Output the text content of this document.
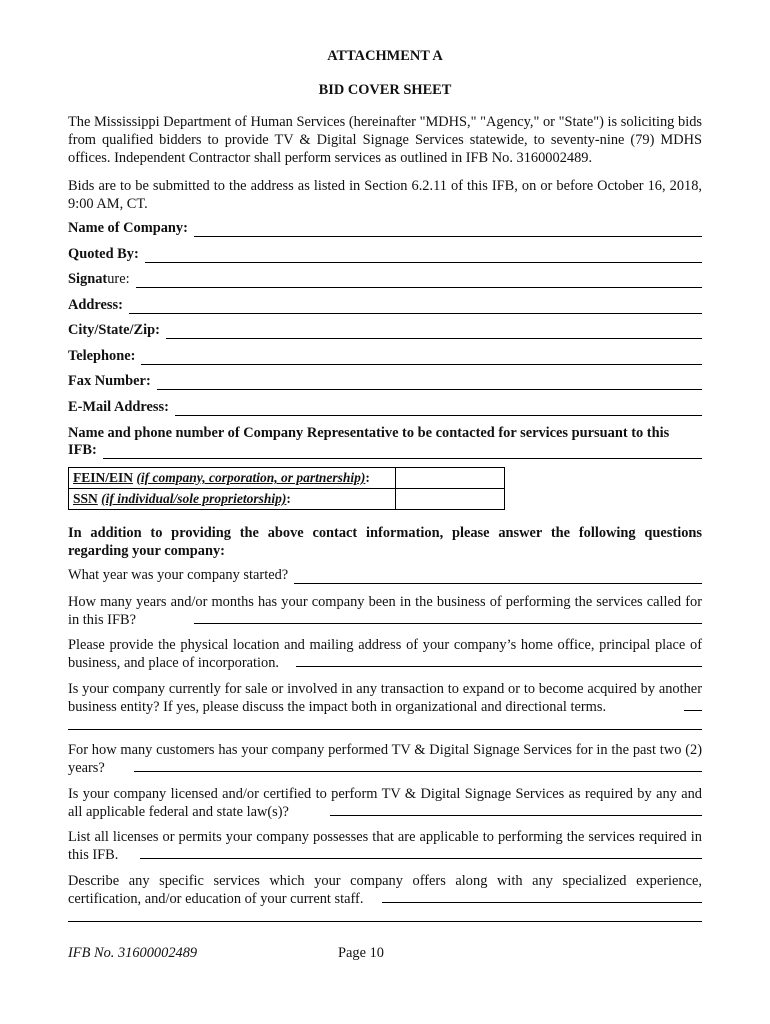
ATTACHMENT A
BID COVER SHEET
The Mississippi Department of Human Services (hereinafter "MDHS," "Agency," or "State") is soliciting bids from qualified bidders to provide TV & Digital Signage Services statewide, to seventy-nine (79) MDHS offices. Independent Contractor shall perform services as outlined in IFB No. 3160002489.
Bids are to be submitted to the address as listed in Section 6.2.11 of this IFB, on or before October 16, 2018, 9:00 AM, CT.
Name of Company:
Quoted By:
Signature:
Address:
City/State/Zip:
Telephone:
Fax Number:
E-Mail Address:
Name and phone number of Company Representative to be contacted for services pursuant to this
IFB:
FEIN/EIN (if company, corporation, or partnership):		
SSN (if individual/sole proprietorship):		
In addition to providing the above contact information, please answer the following questions regarding your company:
What year was your company started?
How many years and/or months has your company been in the business of performing the services called for in this IFB?
Please provide the physical location and mailing address of your company’s home office, principal place of business, and place of incorporation.
Is your company currently for sale or involved in any transaction to expand or to become acquired by another business entity? If yes, please discuss the impact both in organizational and directional terms.
For how many customers has your company performed TV & Digital Signage Services for in the past two (2) years?
Is your company licensed and/or certified to perform TV & Digital Signage Services as required by any and all applicable federal and state law(s)?
List all licenses or permits your company possesses that are applicable to performing the services required in this IFB.
Describe any specific services which your company offers along with any specialized experience, certification, and/or education of your current staff.
IFB No. 31600002489	Page 10
